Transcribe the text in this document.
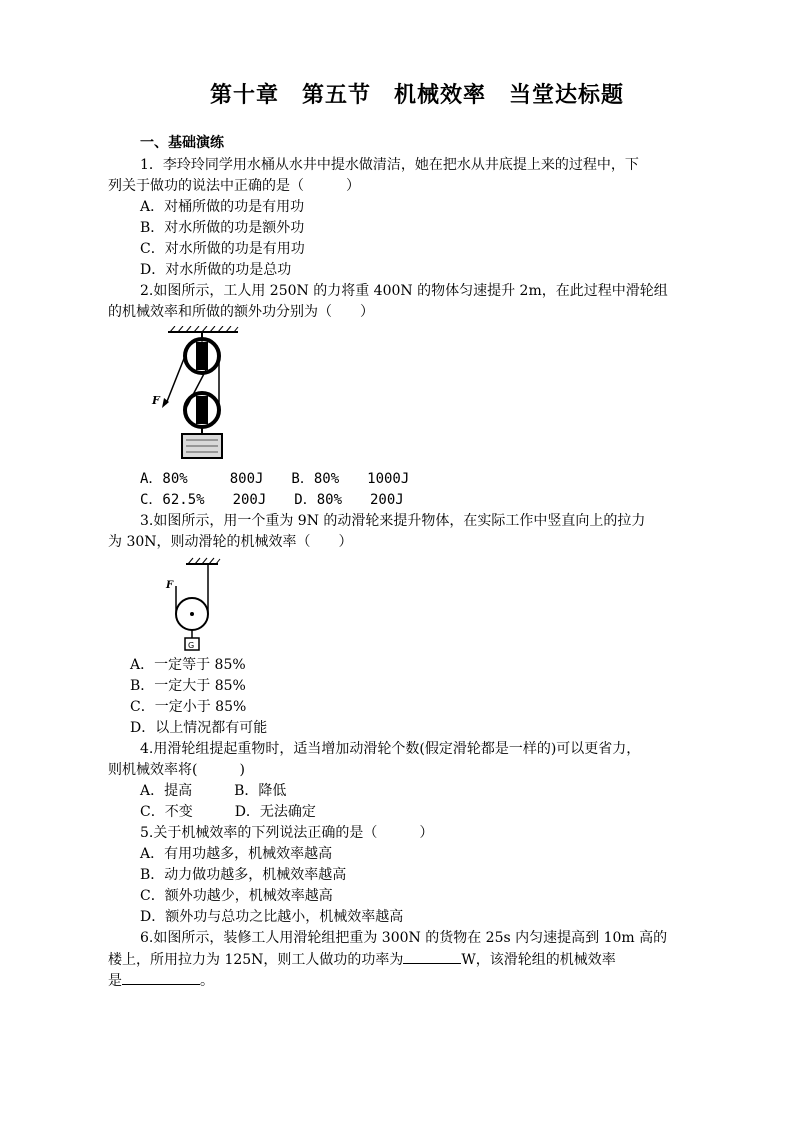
第十章　第五节　机械效率　当堂达标题
一、基础演练
1．李玲玲同学用水桶从水井中提水做清洁，她在把水从井底提上来的过程中，下
列关于做功的说法中正确的是（　　　）
A．对桶所做的功是有用功
B．对水所做的功是额外功
C．对水所做的功是有用功
D．对水所做的功是总功
2.如图所示，工人用 250N 的力将重 400N 的物体匀速提升 2m，在此过程中滑轮组
的机械效率和所做的额外功分别为（　　）
F
A．80%　　　800J　　B．80%　　1000J
C．62.5%　　200J　　D．80%　　200J
3.如图所示，用一个重为 9N 的动滑轮来提升物体，在实际工作中竖直向上的拉力
为 30N，则动滑轮的机械效率（　　）
F
G
A．一定等于 85%
B．一定大于 85%
C．一定小于 85%
D．以上情况都有可能
4.用滑轮组提起重物时，适当增加动滑轮个数(假定滑轮都是一样的)可以更省力，
则机械效率将(　　　)
A．提高　　　B．降低
C．不变　　　D．无法确定
5.关于机械效率的下列说法正确的是（　　　）
A．有用功越多，机械效率越高
B．动力做功越多，机械效率越高
C．额外功越少，机械效率越高
D．额外功与总功之比越小，机械效率越高
6.如图所示，装修工人用滑轮组把重为 300N 的货物在 25s 内匀速提高到 10m 高的
楼上，所用拉力为 125N，则工人做功的功率为	W，该滑轮组的机械效率
是	。
